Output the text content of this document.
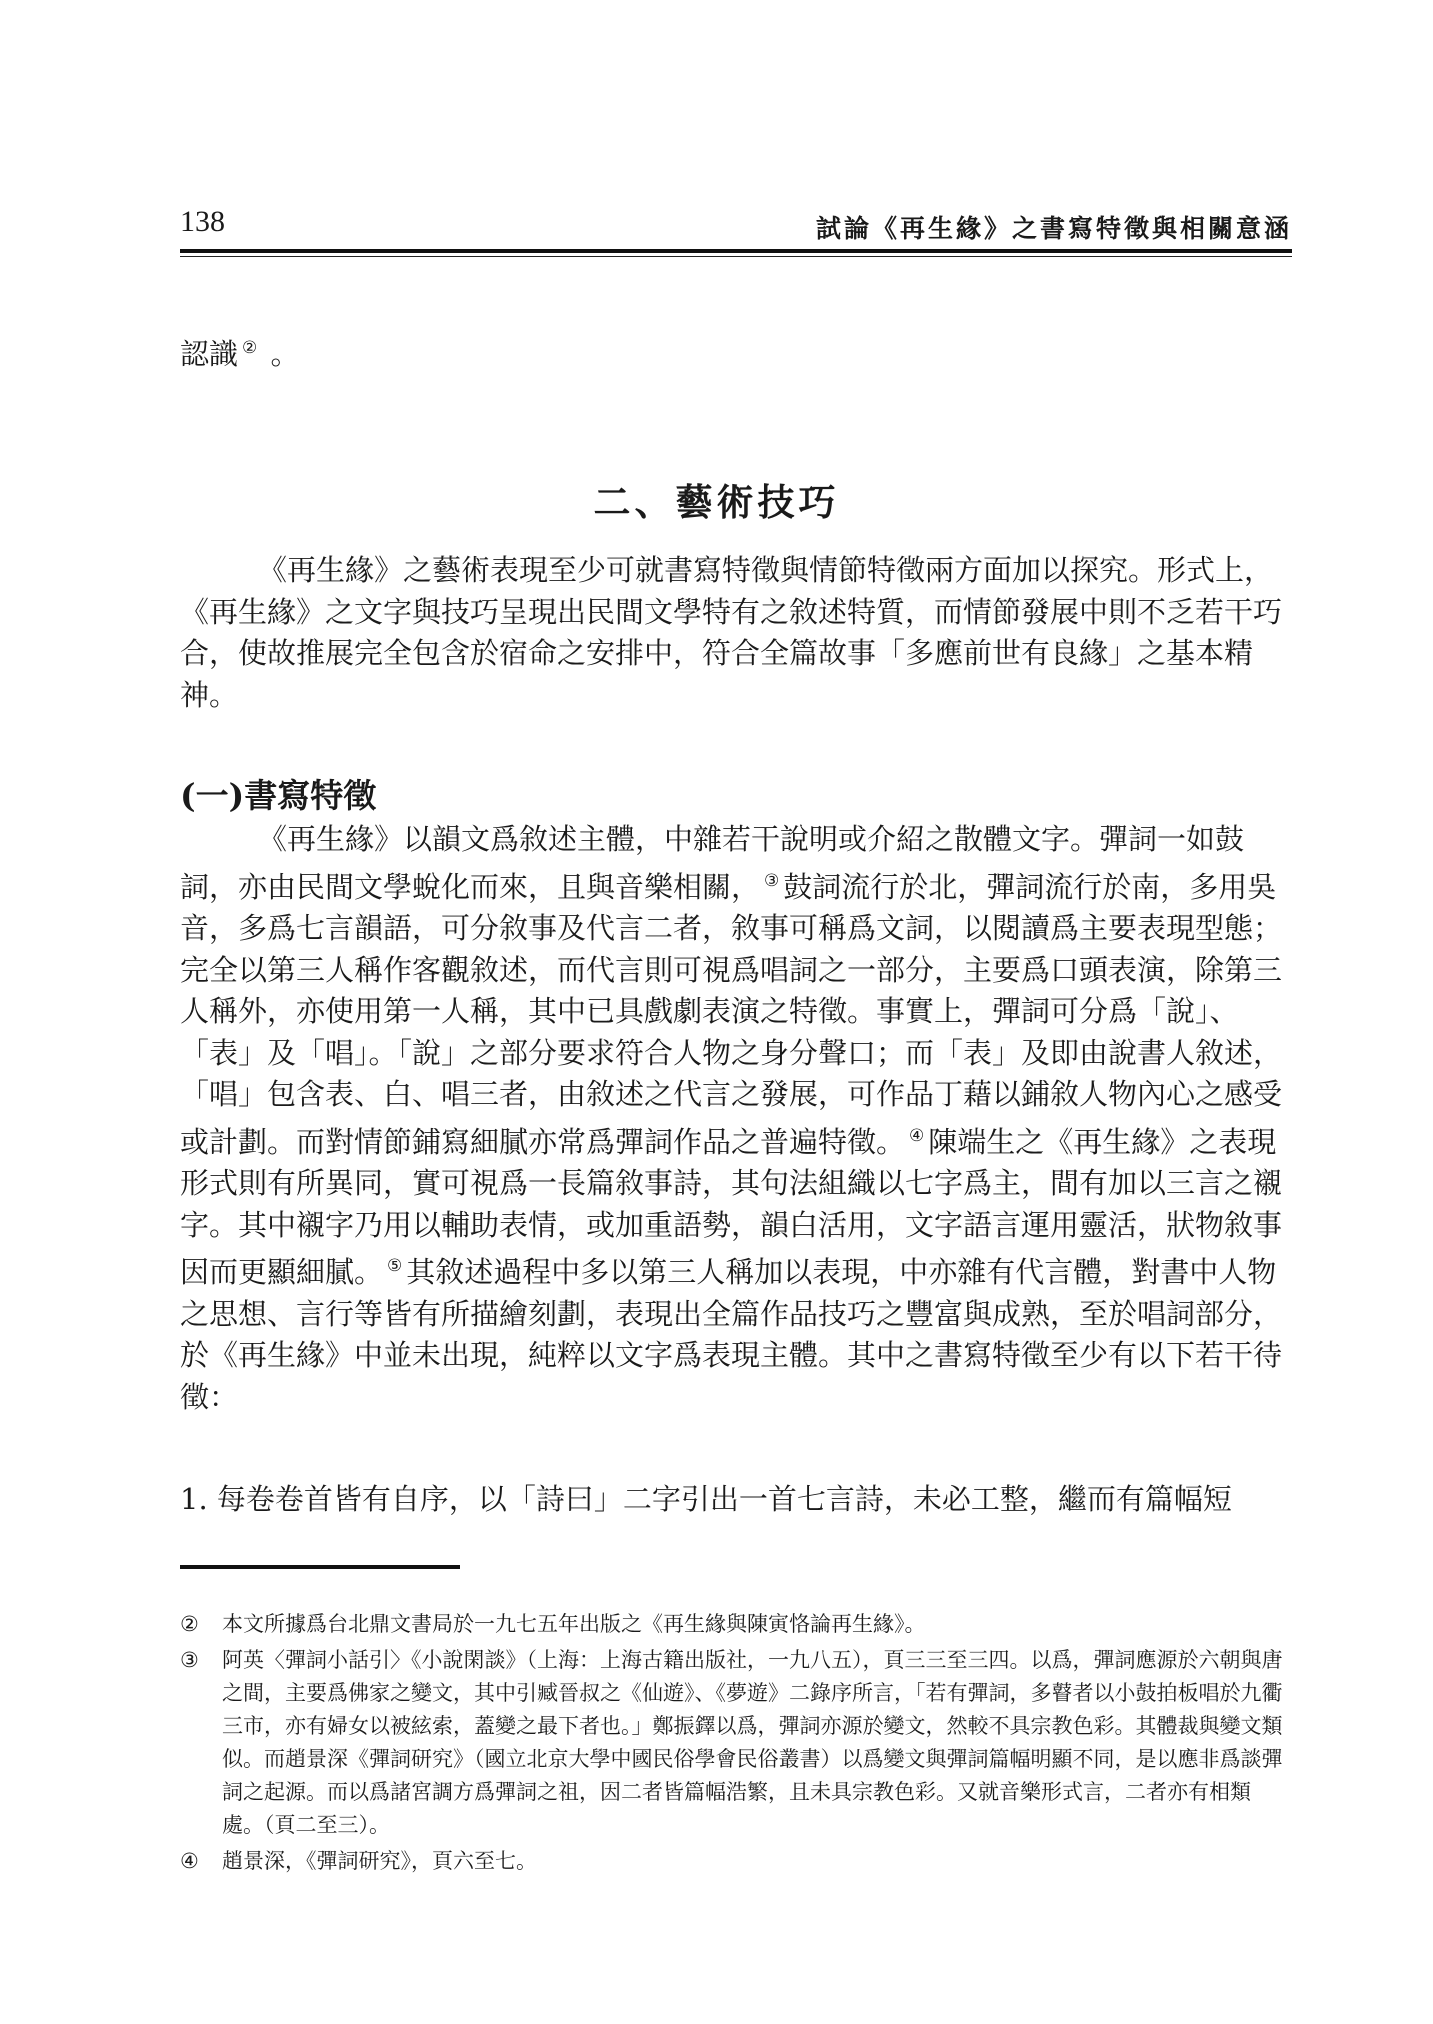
138	試論《再生緣》之書寫特徵與相關意涵
認識 ② 。
二、藝術技巧

《再生緣》之藝術表現至少可就書寫特徵與情節特徵兩方面加以探究。形式上，《再生緣》之文字與技巧呈現出民間文學特有之敘述特質，而情節發展中則不乏若干巧合，使故推展完全包含於宿命之安排中，符合全篇故事「多應前世有良緣」之基本精神。

(一)書寫特徵

《再生緣》以韻文爲敘述主體，中雜若干說明或介紹之散體文字。彈詞一如鼓詞，亦由民間文學蛻化而來，且與音樂相關， ③ 鼓詞流行於北，彈詞流行於南，多用吳音，多爲七言韻語，可分敘事及代言二者，敘事可稱爲文詞，以閱讀爲主要表現型態；完全以第三人稱作客觀敘述，而代言則可視爲唱詞之一部分，主要爲口頭表演，除第三人稱外，亦使用第一人稱，其中已具戲劇表演之特徵。事實上，彈詞可分爲「說」、「表」及「唱」。「說」之部分要求符合人物之身分聲口；而「表」及即由說書人敘述，「唱」包含表、白、唱三者，由敘述之代言之發展，可作品丁藉以鋪敘人物內心之感受或計劃。而對情節鋪寫細膩亦常爲彈詞作品之普遍特徵。 ④ 陳端生之《再生緣》之表現形式則有所異同，實可視爲一長篇敘事詩，其句法組織以七字爲主，間有加以三言之襯字。其中襯字乃用以輔助表情，或加重語勢，韻白活用，文字語言運用靈活，狀物敘事因而更顯細膩。 ⑤ 其敘述過程中多以第三人稱加以表現，中亦雜有代言體，對書中人物之思想、言行等皆有所描繪刻劃，表現出全篇作品技巧之豐富與成熟，至於唱詞部分，於《再生緣》中並未出現，純粹以文字爲表現主體。其中之書寫特徵至少有以下若干待徵：

1. 每卷卷首皆有自序，以「詩曰」二字引出一首七言詩，未必工整，繼而有篇幅短

②	本文所據爲台北鼎文書局於一九七五年出版之《再生緣與陳寅恪論再生緣》。
③	阿英〈彈詞小話引〉《小說閑談》（上海：上海古籍出版社，一九八五），頁三三至三四。以爲，彈詞應源於六朝與唐之間，主要爲佛家之變文，其中引臧晉叔之《仙遊》、《夢遊》二錄序所言，「若有彈詞，多瞽者以小鼓拍板唱於九衢三市，亦有婦女以被絃索，蓋變之最下者也。」鄭振鐸以爲，彈詞亦源於變文，然較不具宗教色彩。其體裁與變文類似。而趙景深《彈詞研究》（國立北京大學中國民俗學會民俗叢書）以爲變文與彈詞篇幅明顯不同，是以應非爲談彈詞之起源。而以爲諸宮調方爲彈詞之祖，因二者皆篇幅浩繁，且未具宗教色彩。又就音樂形式言，二者亦有相類處。（頁二至三）。
④	趙景深，《彈詞研究》，頁六至七。
